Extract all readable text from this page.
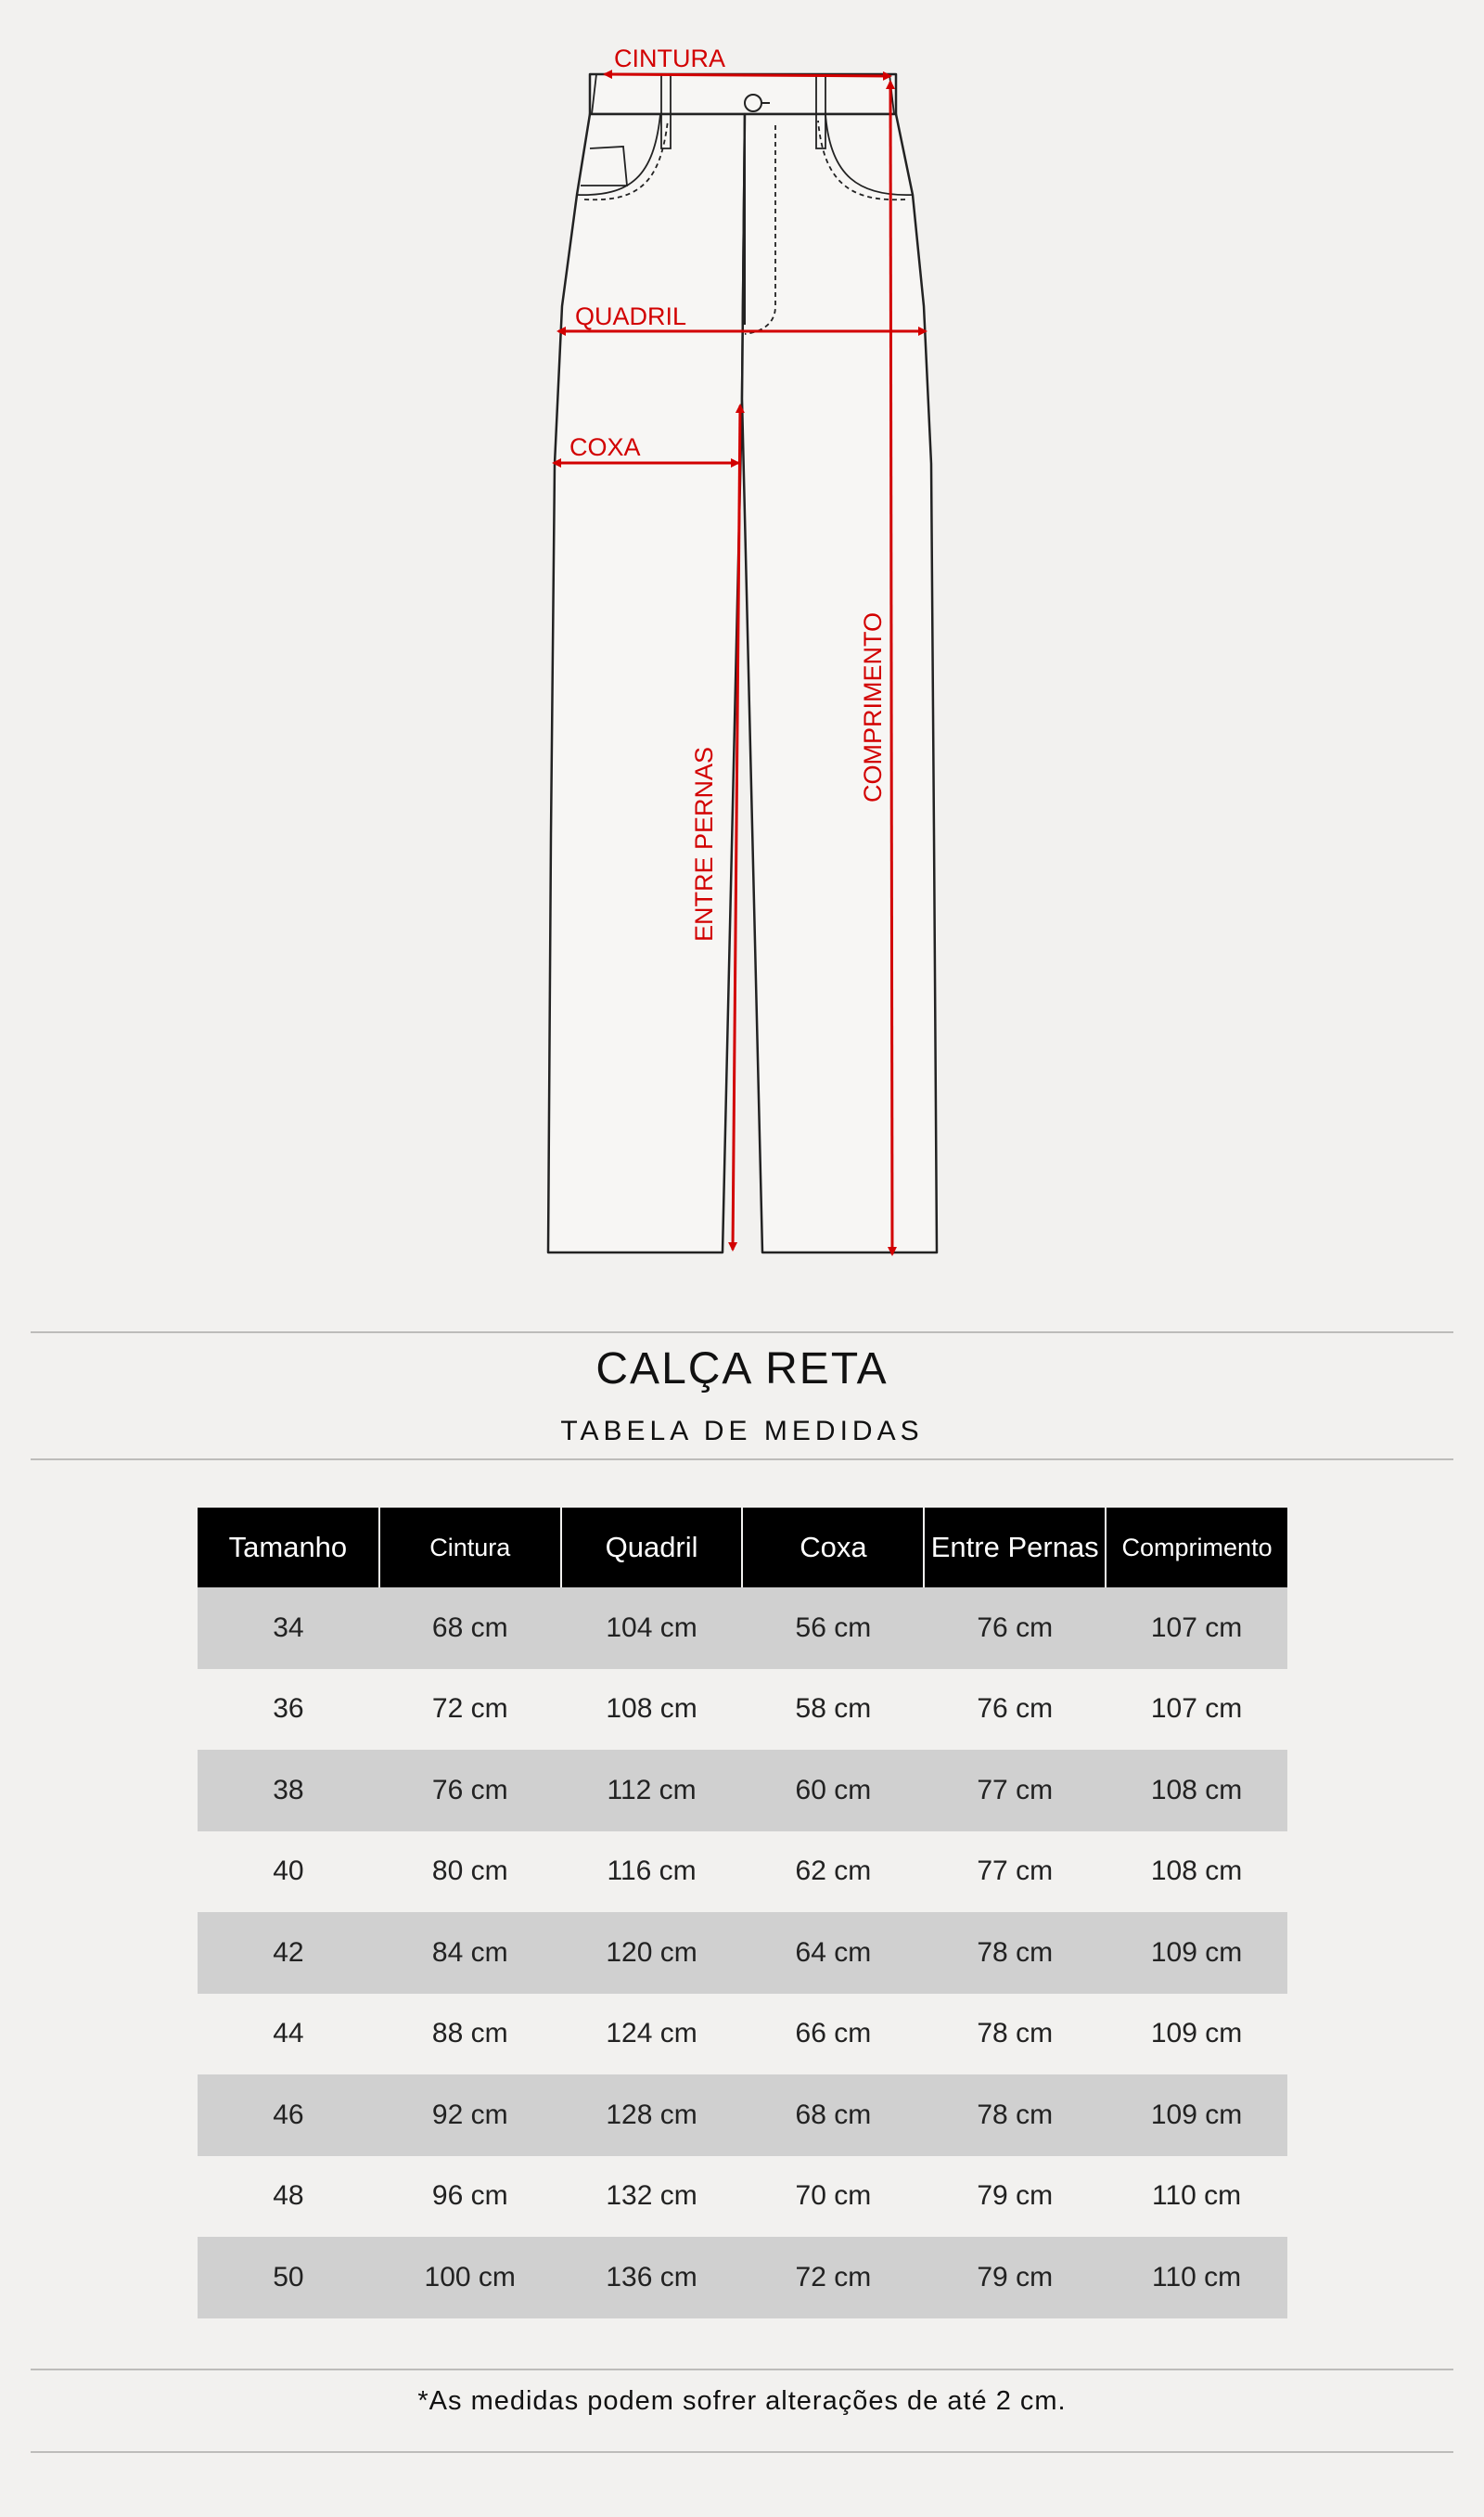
CINTURA
QUADRIL
COXA
ENTRE PERNAS
COMPRIMENTO
CALÇA RETA
TABELA DE MEDIDAS
Tamanho	Cintura	Quadril	Coxa	Entre Pernas	Comprimento
34	68 cm	104 cm	56 cm	76 cm	107 cm
36	72 cm	108 cm	58 cm	76 cm	107 cm
38	76 cm	112 cm	60 cm	77 cm	108 cm
40	80 cm	116 cm	62 cm	77 cm	108 cm
42	84 cm	120 cm	64 cm	78 cm	109 cm
44	88 cm	124 cm	66 cm	78 cm	109 cm
46	92 cm	128 cm	68 cm	78 cm	109 cm
48	96 cm	132 cm	70 cm	79 cm	110 cm
50	100 cm	136 cm	72 cm	79 cm	110 cm
*As medidas podem sofrer alterações de até 2 cm.
